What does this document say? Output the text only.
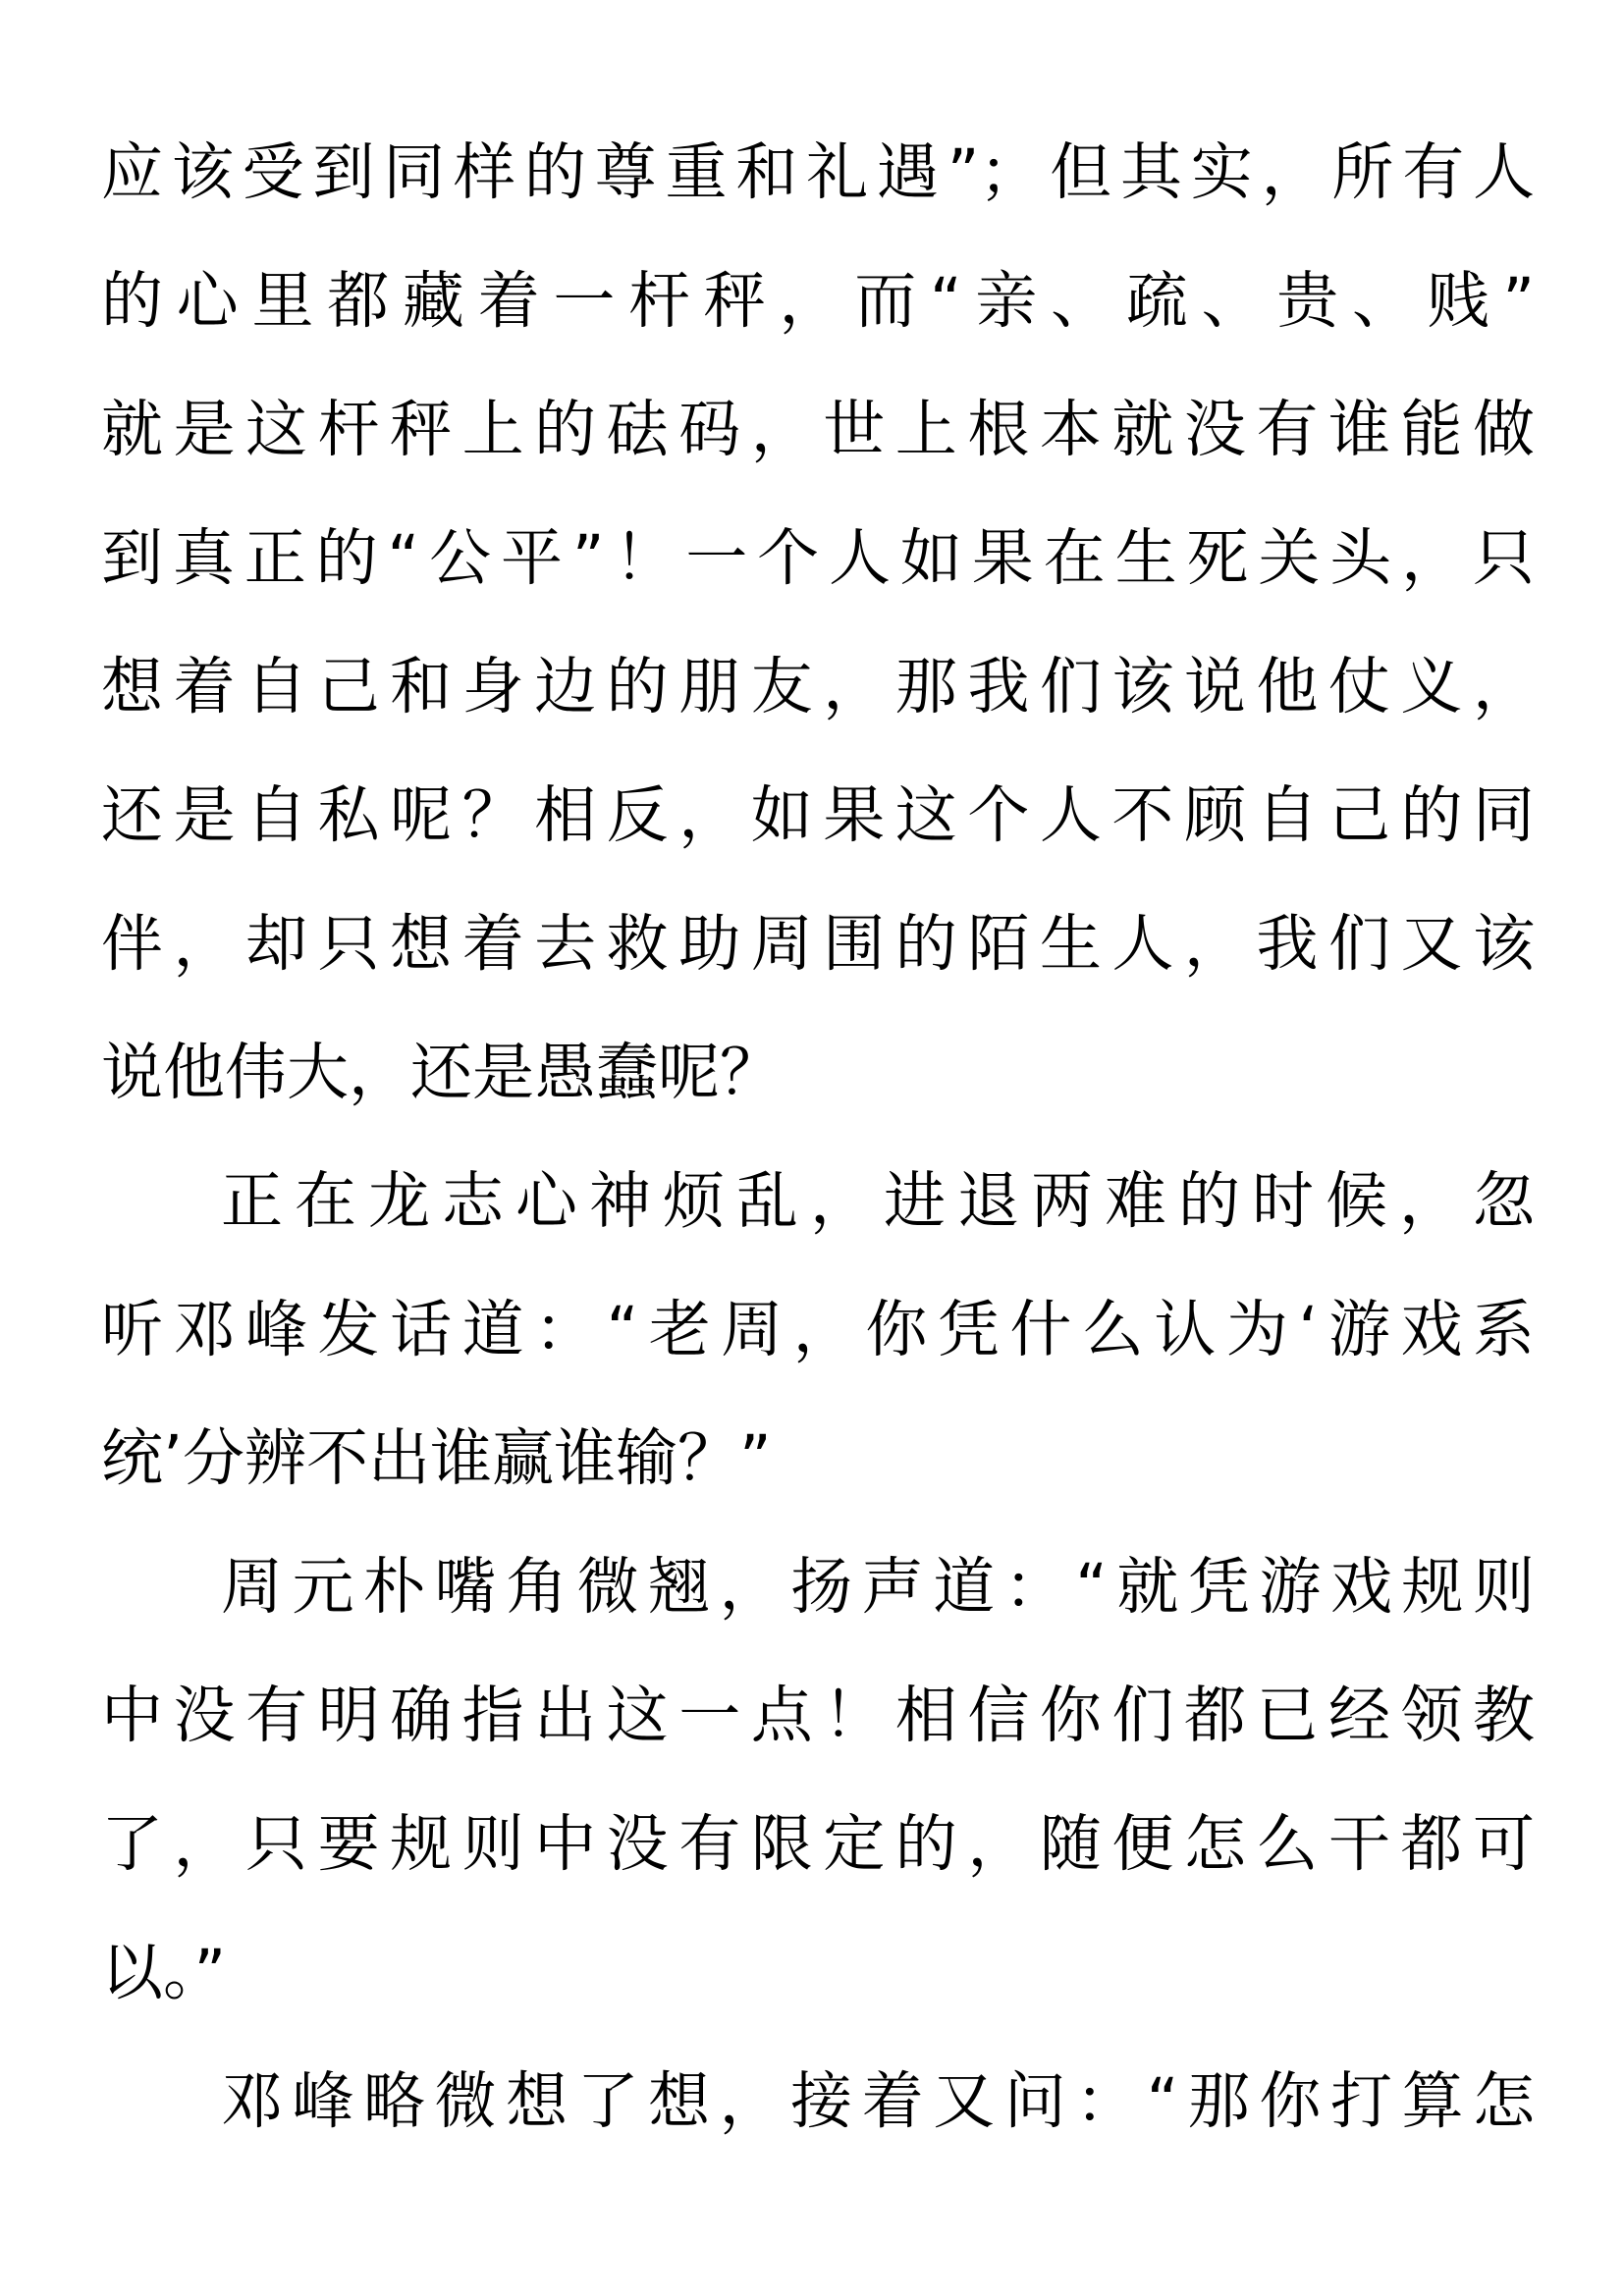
应该受到同样的尊重和礼遇”；但其实，所有人
的心里都藏着一杆秤，而“亲、疏、贵、贱”
就是这杆秤上的砝码，世上根本就没有谁能做
到真正的“公平”！一个人如果在生死关头，只
想着自己和身边的朋友，那我们该说他仗义，
还是自私呢？相反，如果这个人不顾自己的同
伴，却只想着去救助周围的陌生人，我们又该
说他伟大，还是愚蠢呢？
正在龙志心神烦乱，进退两难的时候，忽
听邓峰发话道：“老周，你凭什么认为‘游戏系
统’分辨不出谁赢谁输？”
周元朴嘴角微翘，扬声道：“就凭游戏规则
中没有明确指出这一点！相信你们都已经领教
了，只要规则中没有限定的，随便怎么干都可
以。”
邓峰略微想了想，接着又问：“那你打算怎
